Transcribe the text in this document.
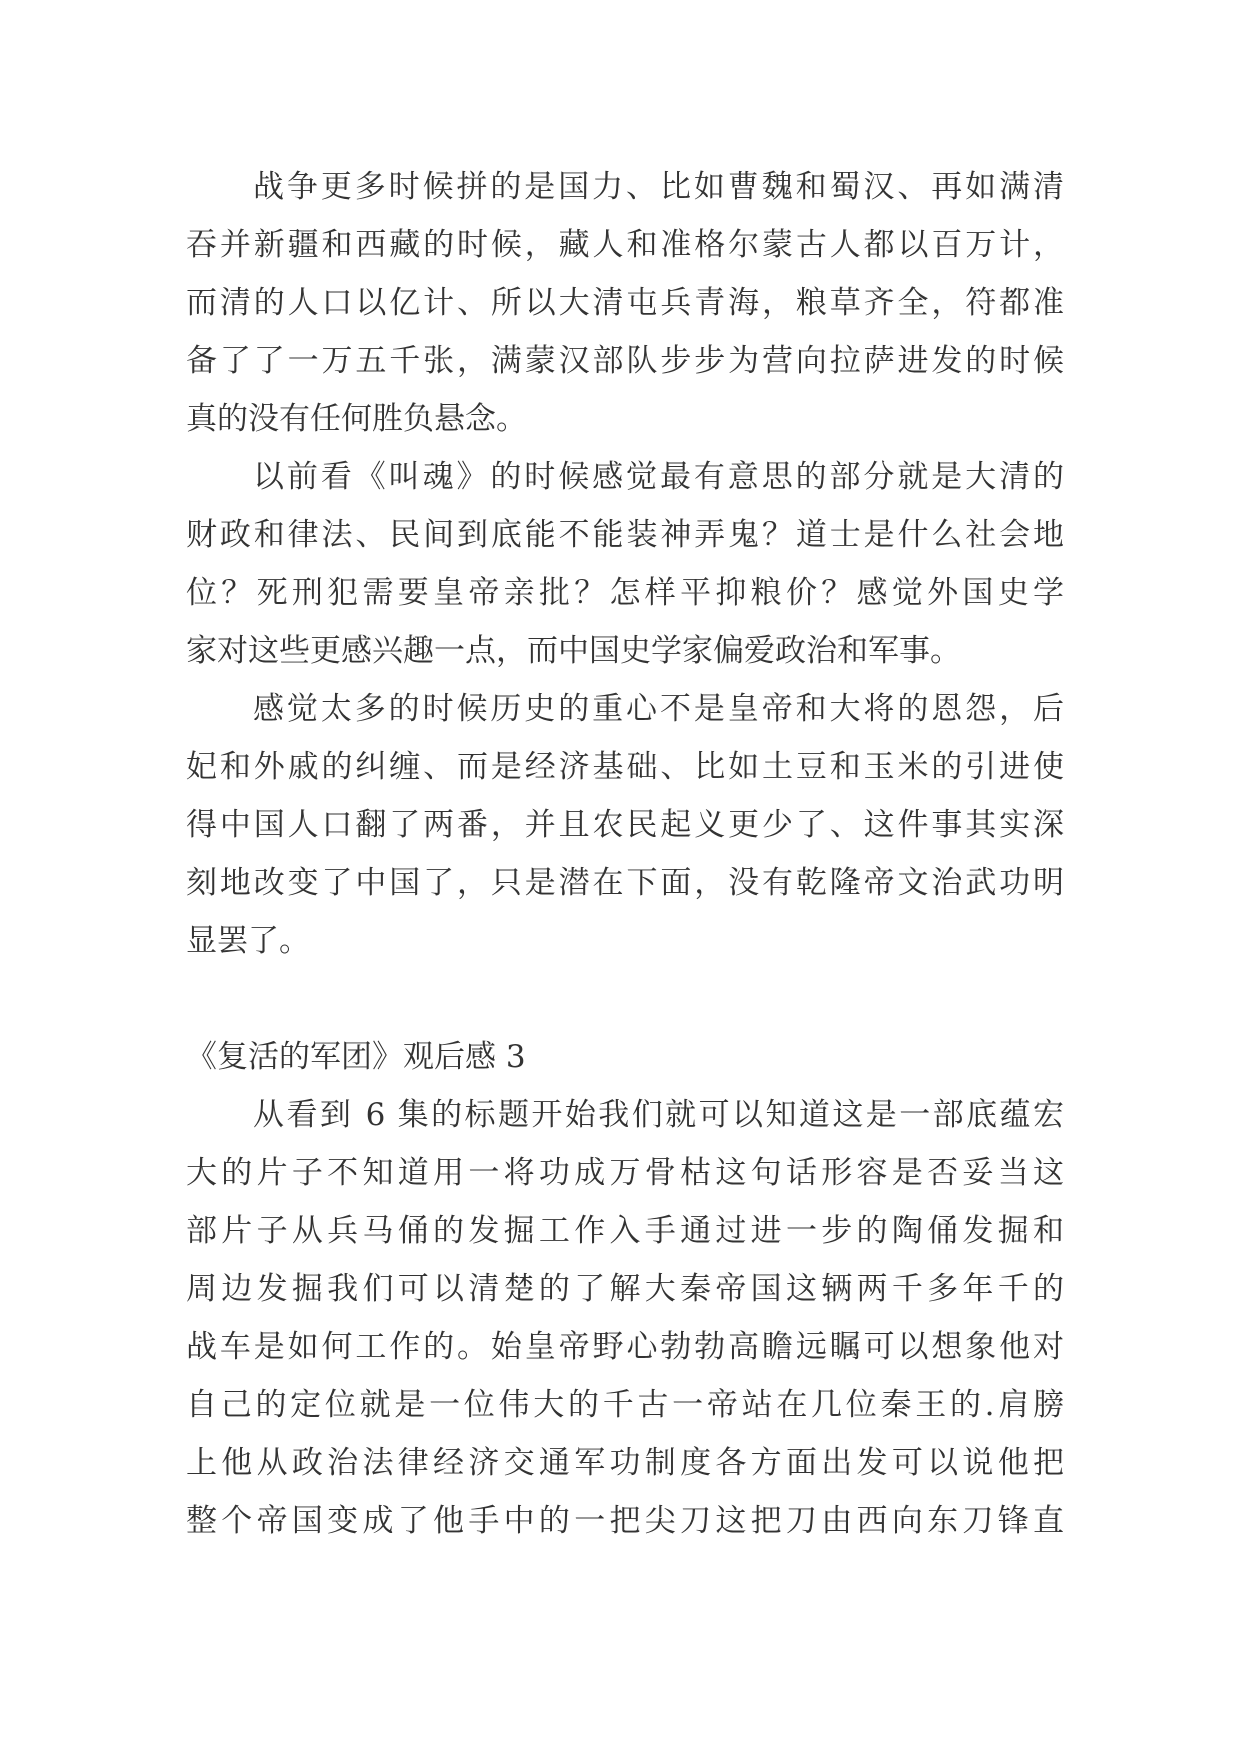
战争更多时候拼的是国力、比如曹魏和蜀汉、再如满清
吞并新疆和西藏的时候，藏人和准格尔蒙古人都以百万计，
而清的人口以亿计、所以大清屯兵青海，粮草齐全，符都准
备了了一万五千张，满蒙汉部队步步为营向拉萨进发的时候
真的没有任何胜负悬念。
以前看《叫魂》的时候感觉最有意思的部分就是大清的
财政和律法、民间到底能不能装神弄鬼？道士是什么社会地
位？死刑犯需要皇帝亲批？怎样平抑粮价？感觉外国史学
家对这些更感兴趣一点，而中国史学家偏爱政治和军事。
感觉太多的时候历史的重心不是皇帝和大将的恩怨，后
妃和外戚的纠缠、而是经济基础、比如土豆和玉米的引进使
得中国人口翻了两番，并且农民起义更少了、这件事其实深
刻地改变了中国了，只是潜在下面，没有乾隆帝文治武功明
显罢了。
《复活的军团》观后感 3
从看到 6 集的标题开始我们就可以知道这是一部底蕴宏
大的片子不知道用一将功成万骨枯这句话形容是否妥当这
部片子从兵马俑的发掘工作入手通过进一步的陶俑发掘和
周边发掘我们可以清楚的了解大秦帝国这辆两千多年千的
战车是如何工作的。始皇帝野心勃勃高瞻远瞩可以想象他对
自己的定位就是一位伟大的千古一帝站在几位秦王的.肩膀
上他从政治法律经济交通军功制度各方面出发可以说他把
整个帝国变成了他手中的一把尖刀这把刀由西向东刀锋直
